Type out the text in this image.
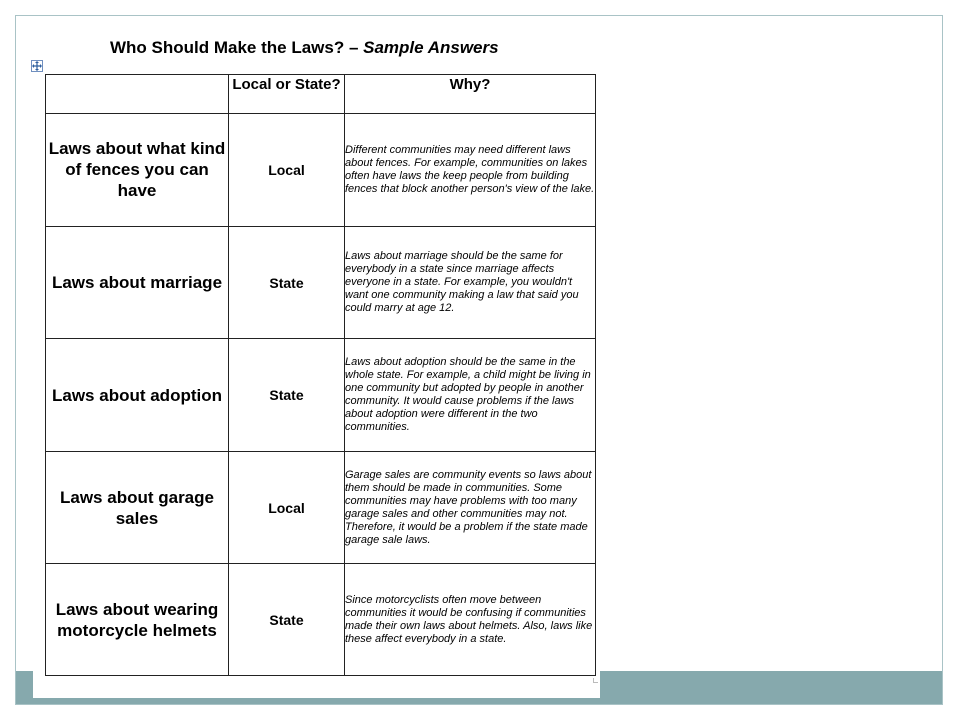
Who Should Make the Laws? – Sample Answers
	Local or State?	Why?
Laws about what kind of fences you can have	Local	Different communities may need different laws about fences. For example, communities on lakes often have laws the keep people from building fences that block another person's view of the lake.
Laws about marriage	State	Laws about marriage should be the same for everybody in a state since marriage affects everyone in a state. For example, you wouldn't want one community making a law that said you could marry at age 12.
Laws about adoption	State	Laws about adoption should be the same in the whole state. For example, a child might be living in one community but adopted by people in another community. It would cause problems if the laws about adoption were different in the two communities.
Laws about garage sales	Local	Garage sales are community events so laws about them should be made in communities. Some communities may have problems with too many garage sales and other communities may not. Therefore, it would be a problem if the state made garage sale laws.
Laws about wearing motorcycle helmets	State	Since motorcyclists often move between communities it would be confusing if communities made their own laws about helmets. Also, laws like these affect everybody in a state.
